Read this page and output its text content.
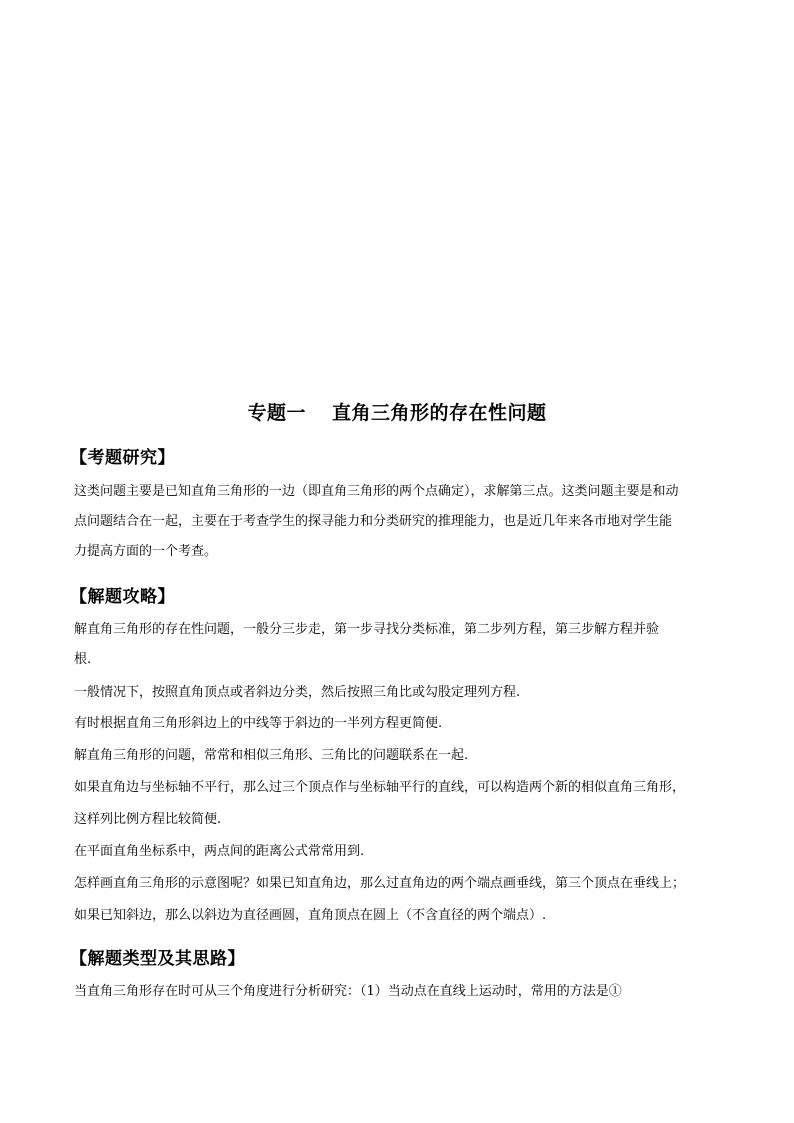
专题一 直角三角形的存在性问题
【考题研究】
这类问题主要是已知直角三角形的一边（即直角三角形的两个点确定），求解第三点。这类问题主要是和动
点问题结合在一起，主要在于考查学生的探寻能力和分类研究的推理能力，也是近几年来各市地对学生能
力提高方面的一个考查。
【解题攻略】
解直角三角形的存在性问题，一般分三步走，第一步寻找分类标准，第二步列方程，第三步解方程并验
根.
一般情况下，按照直角顶点或者斜边分类，然后按照三角比或勾股定理列方程.
有时根据直角三角形斜边上的中线等于斜边的一半列方程更简便.
解直角三角形的问题，常常和相似三角形、三角比的问题联系在一起.
如果直角边与坐标轴不平行，那么过三个顶点作与坐标轴平行的直线，可以构造两个新的相似直角三角形，
这样列比例方程比较简便.
在平面直角坐标系中，两点间的距离公式常常用到.
怎样画直角三角形的示意图呢？如果已知直角边，那么过直角边的两个端点画垂线，第三个顶点在垂线上；
如果已知斜边，那么以斜边为直径画圆，直角顶点在圆上（不含直径的两个端点）.
【解题类型及其思路】
当直角三角形存在时可从三个角度进行分析研究：（1）当动点在直线上运动时，常用的方法是①
